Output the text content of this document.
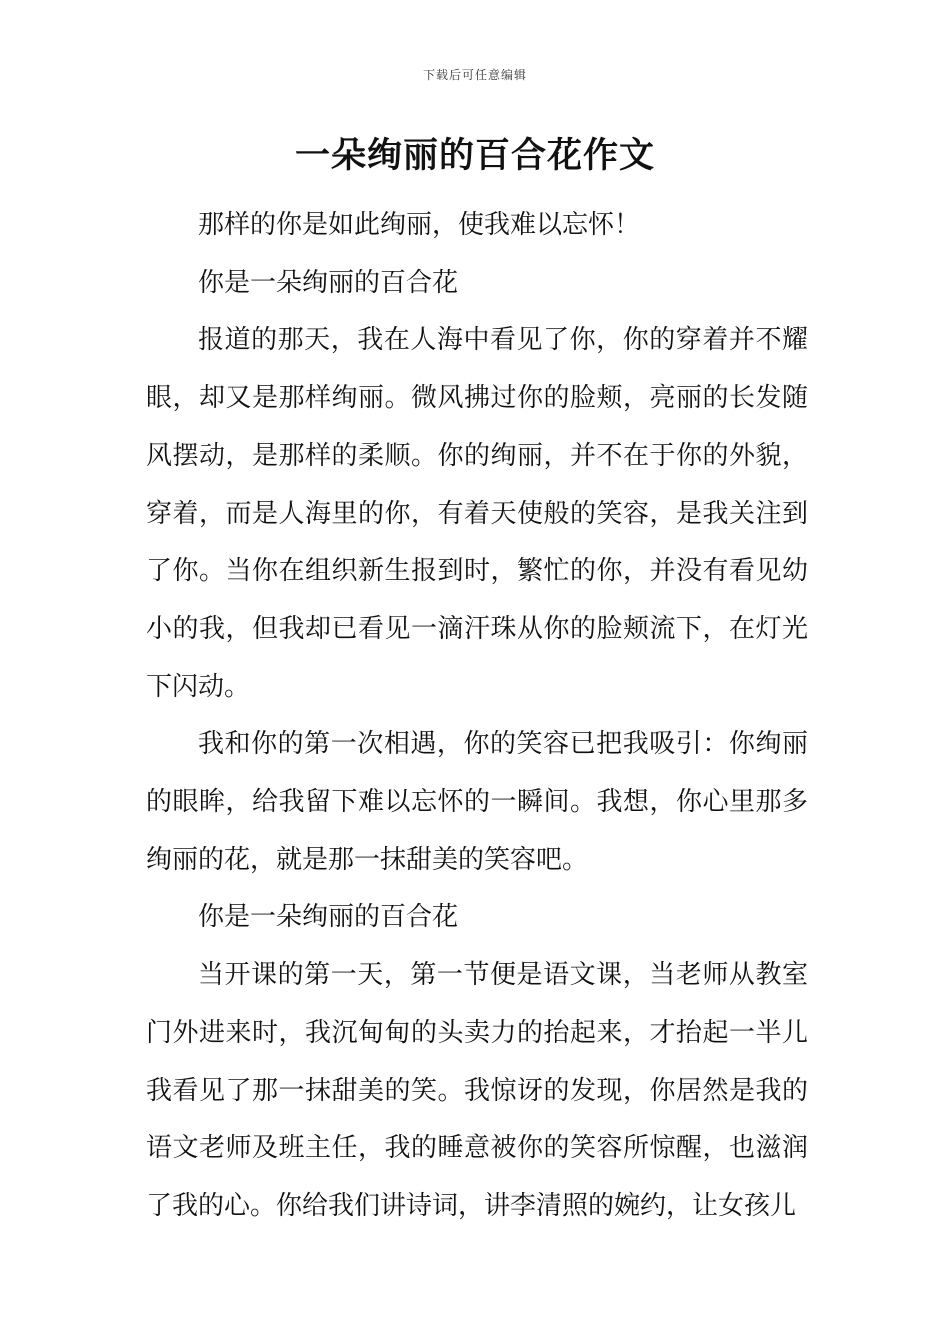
下载后可任意编辑
一朵绚丽的百合花作文

那样的你是如此绚丽，使我难以忘怀！

你是一朵绚丽的百合花

报道的那天，我在人海中看见了你，你的穿着并不耀眼，却又是那样绚丽。微风拂过你的脸颊，亮丽的长发随风摆动，是那样的柔顺。你的绚丽，并不在于你的外貌，穿着，而是人海里的你，有着天使般的笑容，是我关注到了你。当你在组织新生报到时，繁忙的你，并没有看见幼小的我，但我却已看见一滴汗珠从你的脸颊流下，在灯光下闪动。

我和你的第一次相遇，你的笑容已把我吸引：你绚丽的眼眸，给我留下难以忘怀的一瞬间。我想，你心里那多绚丽的花，就是那一抹甜美的笑容吧。

你是一朵绚丽的百合花

当开课的第一天，第一节便是语文课，当老师从教室门外进来时，我沉甸甸的头卖力的抬起来，才抬起一半儿我看见了那一抹甜美的笑。我惊讶的发现，你居然是我的语文老师及班主任，我的睡意被你的笑容所惊醒，也滋润了我的心。你给我们讲诗词，讲李清照的婉约，让女孩儿
